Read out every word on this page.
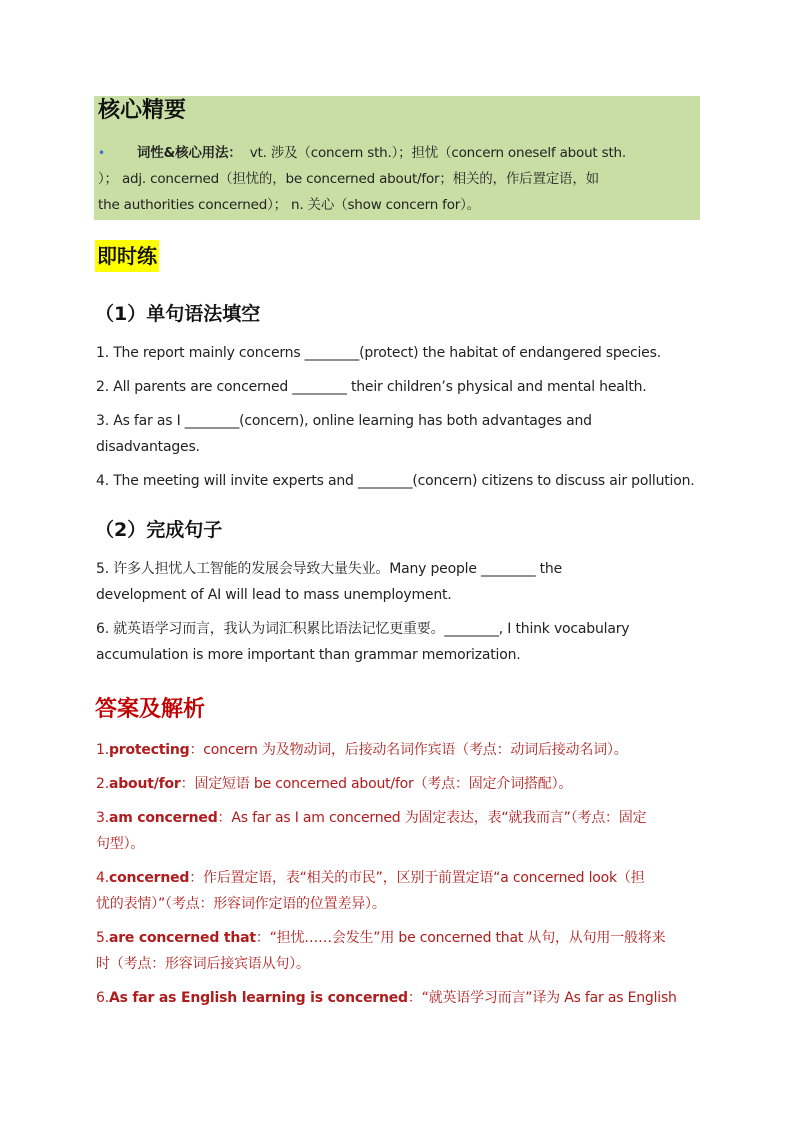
核心精要
• 词性&核心用法： vt. 涉及（concern sth.）；担忧（concern oneself about sth.
）； adj. concerned（担忧的，be concerned about/for；相关的，作后置定语，如
the authorities concerned）； n. 关心（show concern for）。
即时练
（1）单句语法填空
1. The report mainly concerns ________(protect) the habitat of endangered species.
2. All parents are concerned ________ their children’s physical and mental health.
3. As far as I ________(concern), online learning has both advantages and
disadvantages.
4. The meeting will invite experts and ________(concern) citizens to discuss air pollution.
（2）完成句子
5. 许多人担忧人工智能的发展会导致大量失业。Many people ________ the
development of AI will lead to mass unemployment.
6. 就英语学习而言，我认为词汇积累比语法记忆更重要。________, I think vocabulary
accumulation is more important than grammar memorization.
答案及解析
1.protecting：concern 为及物动词，后接动名词作宾语（考点：动词后接动名词）。
2.about/for：固定短语 be concerned about/for（考点：固定介词搭配）。
3.am concerned：As far as I am concerned 为固定表达，表“就我而言”（考点：固定
句型）。
4.concerned：作后置定语，表“相关的市民”，区别于前置定语“a concerned look（担
忧的表情）”（考点：形容词作定语的位置差异）。
5.are concerned that：“担忧……会发生”用 be concerned that 从句，从句用一般将来
时（考点：形容词后接宾语从句）。
6.As far as English learning is concerned：“就英语学习而言”译为 As far as English
